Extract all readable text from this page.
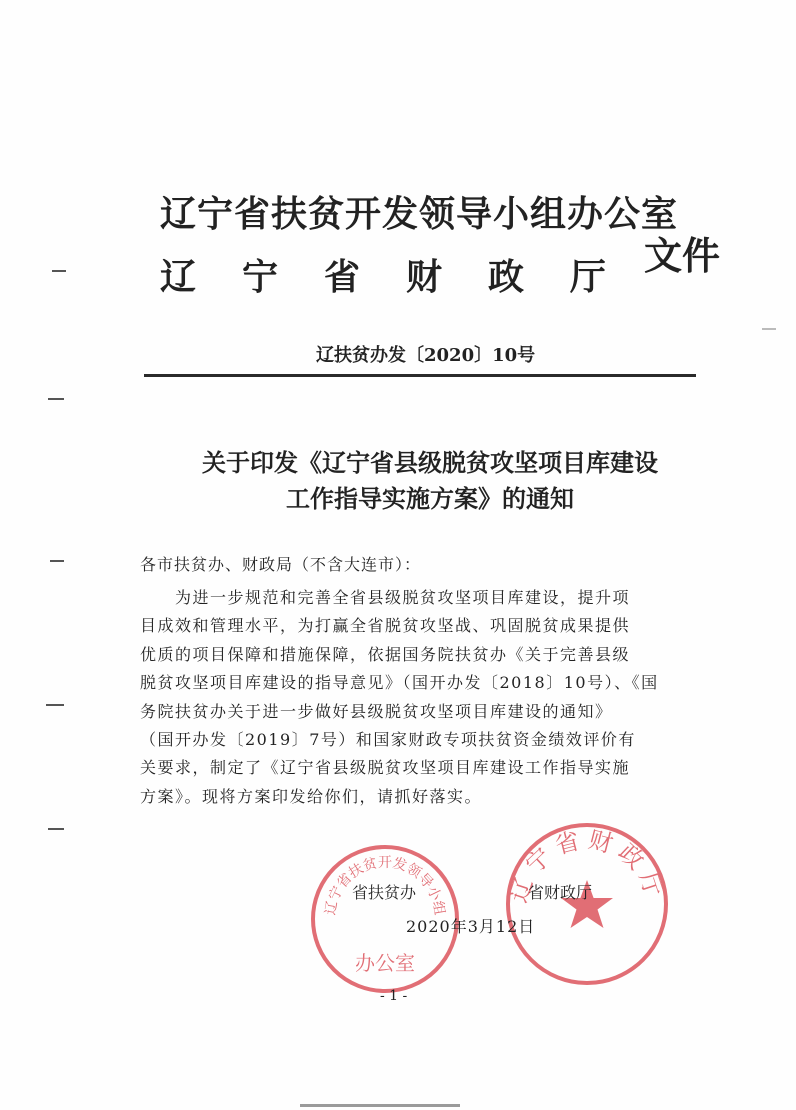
辽宁省扶贫开发领导小组办公室
辽 宁 省 财 政 厅 文件
辽扶贫办发〔2020〕10号
关于印发《辽宁省县级脱贫攻坚项目库建设
工作指导实施方案》的通知
各市扶贫办、财政局（不含大连市）：
　　为进一步规范和完善全省县级脱贫攻坚项目库建设，提升项
目成效和管理水平，为打赢全省脱贫攻坚战、巩固脱贫成果提供
优质的项目保障和措施保障，依据国务院扶贫办《关于完善县级
脱贫攻坚项目库建设的指导意见》（国开办发〔2018〕10号）、《国
务院扶贫办关于进一步做好县级脱贫攻坚项目库建设的通知》
（国开办发〔2019〕7号）和国家财政专项扶贫资金绩效评价有
关要求，制定了《辽宁省县级脱贫攻坚项目库建设工作指导实施
方案》。现将方案印发给你们，请抓好落实。
辽宁省扶贫开发领导小组
办公室
辽宁省财政厅
省扶贫办	省财政厅
2020年3月12日
- 1 -
